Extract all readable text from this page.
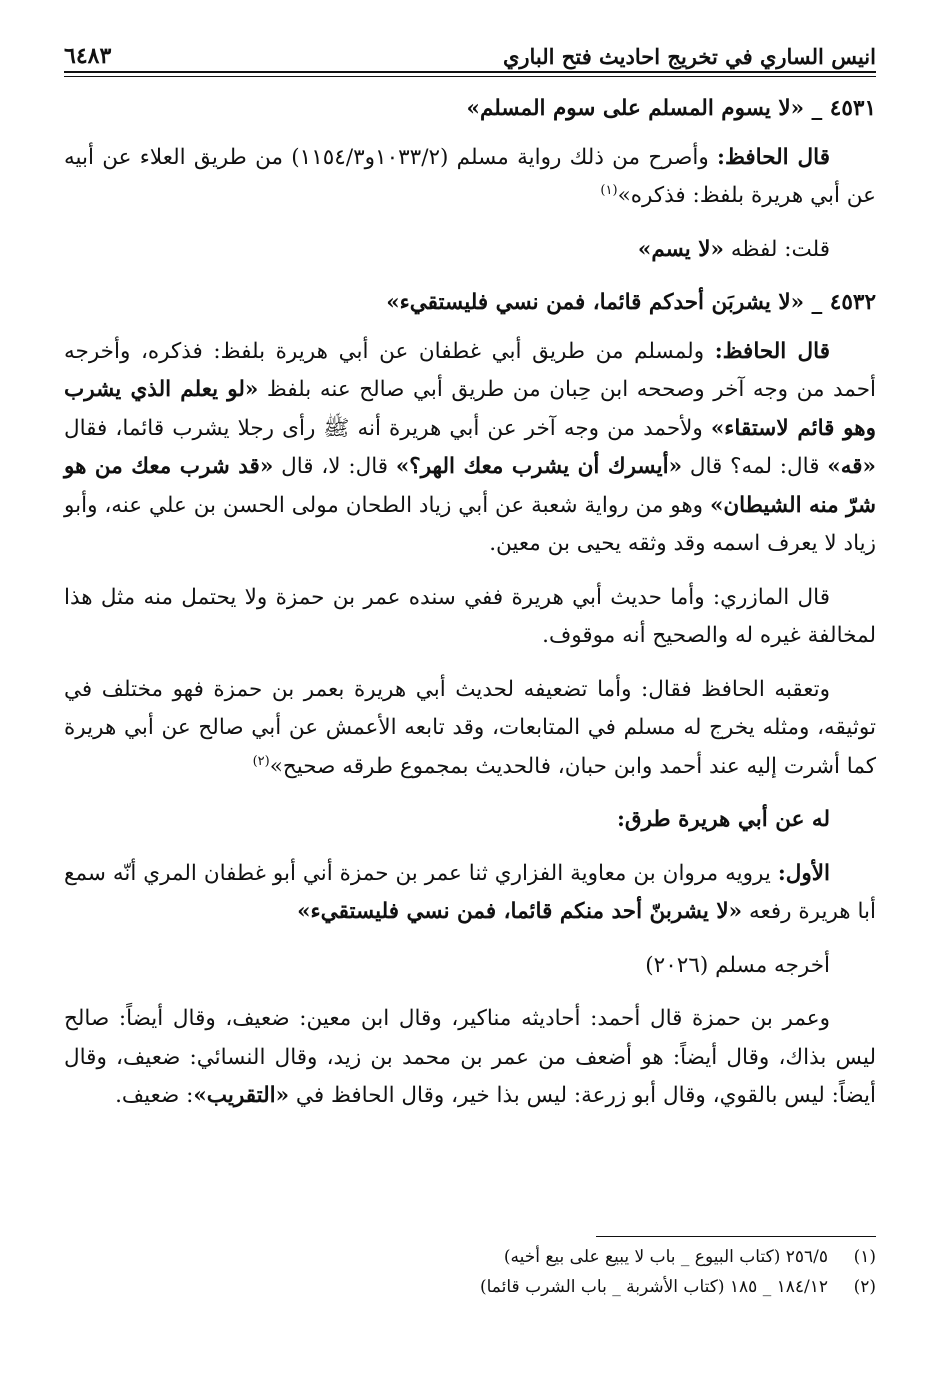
انيس الساري في تخريج احاديث فتح الباري
٦٤٨٣

٤٥٣١ _ «لا يسوم المسلم على سوم المسلم»

قال الحافظ: وأصرح من ذلك رواية مسلم (١٠٣٣/٢و١١٥٤/٣) من طريق العلاء عن أبيه عن أبي هريرة بلفظ: فذكره»$^{(١)}$

قلت: لفظه «لا يسم»

٤٥٣٢ _ «لا يشربَن أحدكم قائما، فمن نسي فليستقيء»

قال الحافظ: ولمسلم من طريق أبي غطفان عن أبي هريرة بلفظ: فذكره، وأخرجه أحمد من وجه آخر وصححه ابن حِبان من طريق أبي صالح عنه بلفظ «لو يعلم الذي يشرب وهو قائم لاستقاء» ولأحمد من وجه آخر عن أبي هريرة أنه ﷺ رأى رجلا يشرب قائما، فقال «قه» قال: لمه؟ قال «أيسرك أن يشرب معك الهر؟» قال: لا، قال «قد شرب معك من هو شرّ منه الشيطان» وهو من رواية شعبة عن أبي زياد الطحان مولى الحسن بن علي عنه، وأبو زياد لا يعرف اسمه وقد وثقه يحيى بن معين.

قال المازري: وأما حديث أبي هريرة ففي سنده عمر بن حمزة ولا يحتمل منه مثل هذا لمخالفة غيره له والصحيح أنه موقوف.

وتعقبه الحافظ فقال: وأما تضعيفه لحديث أبي هريرة بعمر بن حمزة فهو مختلف في توثيقه، ومثله يخرج له مسلم في المتابعات، وقد تابعه الأعمش عن أبي صالح عن أبي هريرة كما أشرت إليه عند أحمد وابن حبان، فالحديث بمجموع طرقه صحيح»$^{(٢)}$

له عن أبي هريرة طرق:

الأول: يرويه مروان بن معاوية الفزاري ثنا عمر بن حمزة أني أبو غطفان المري أنّه سمع أبا هريرة رفعه «لا يشربنّ أحد منكم قائما، فمن نسي فليستقيء»

أخرجه مسلم (٢٠٢٦)

وعمر بن حمزة قال أحمد: أحاديثه مناكير، وقال ابن معين: ضعيف، وقال أيضاً: صالح ليس بذاك، وقال أيضاً: هو أضعف من عمر بن محمد بن زيد، وقال النسائي: ضعيف، وقال أيضاً: ليس بالقوي، وقال أبو زرعة: ليس بذا خير، وقال الحافظ في «التقريب»: ضعيف.

(١)
٢٥٦/٥ (كتاب البيوع _ باب لا يبيع على بيع أخيه)
(٢)
١٨٤/١٢ _ ١٨٥ (كتاب الأشربة _ باب الشرب قائما)
